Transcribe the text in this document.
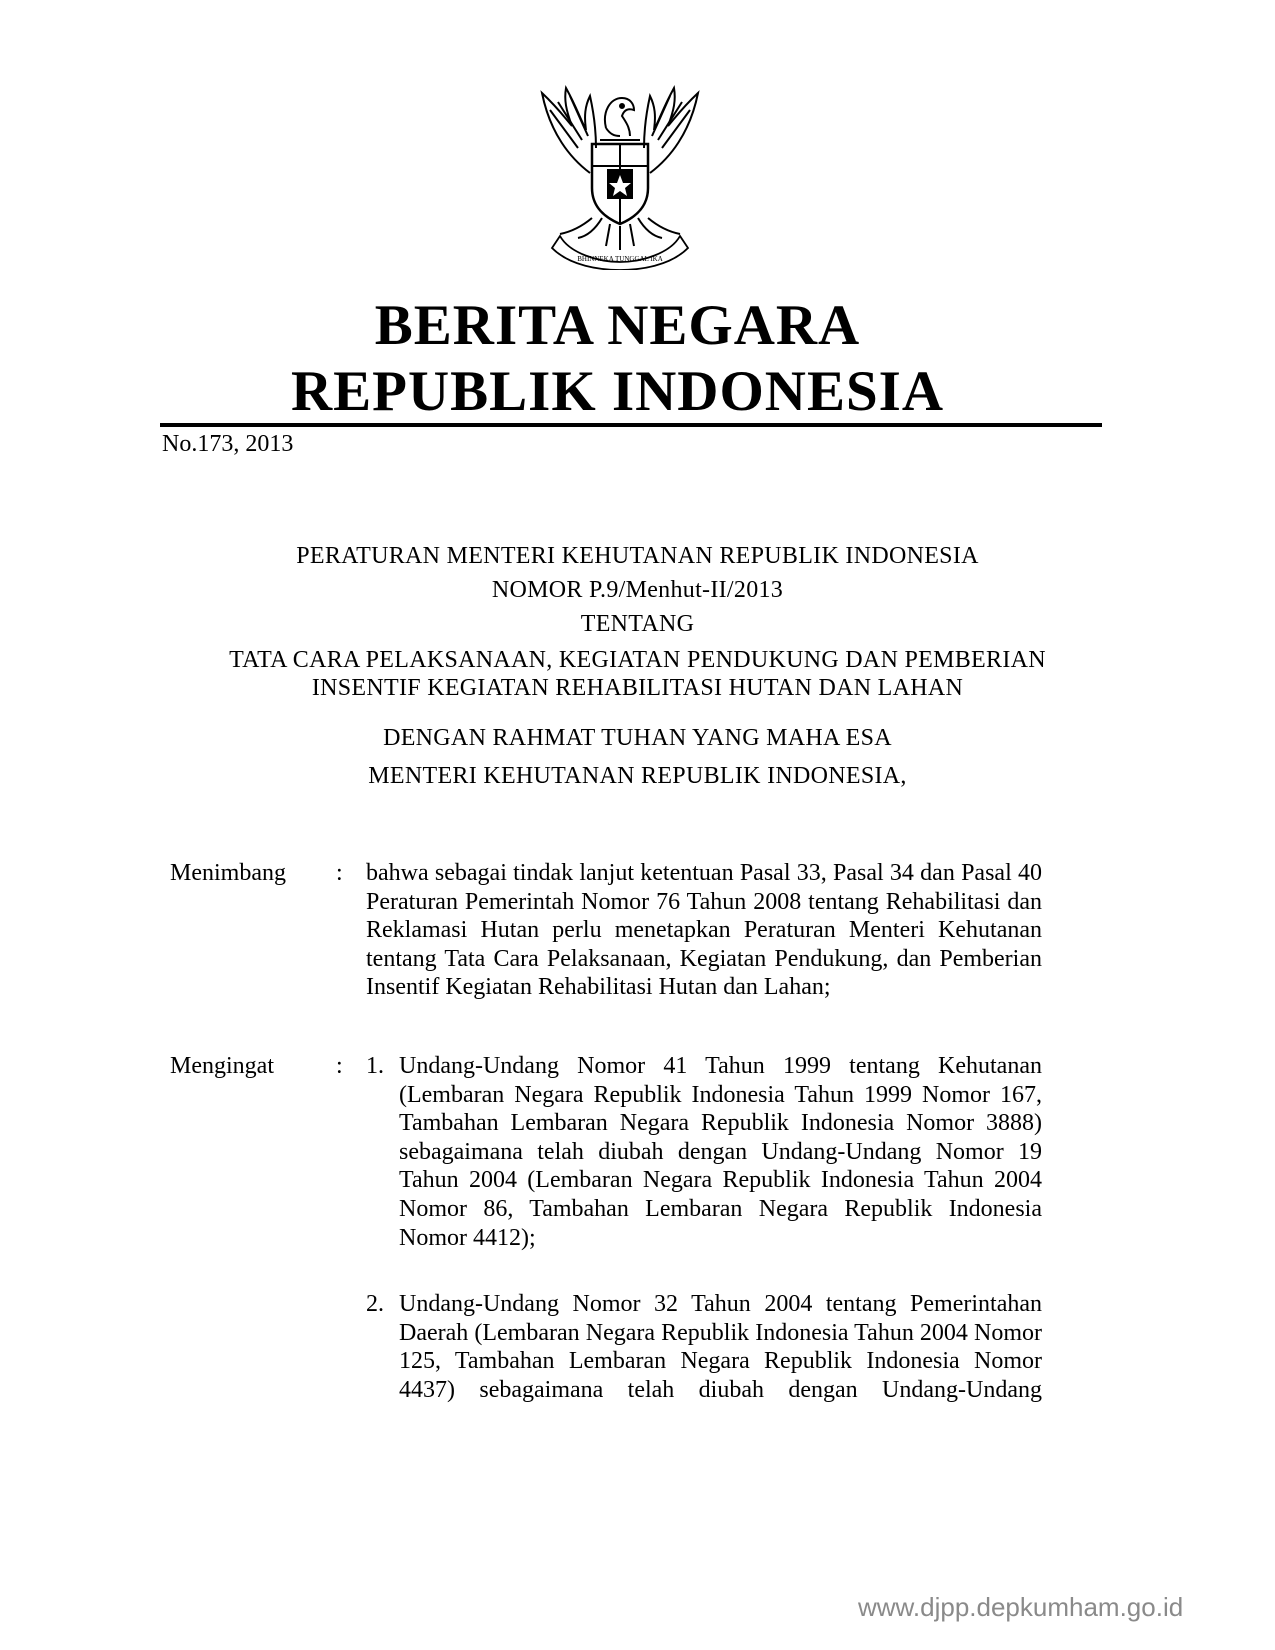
BHINNEKA TUNGGAL IKA
BERITA NEGARA
REPUBLIK INDONESIA
No.173, 2013
PERATURAN MENTERI KEHUTANAN REPUBLIK INDONESIA
NOMOR P.9/Menhut-II/2013
TENTANG
TATA CARA PELAKSANAAN, KEGIATAN PENDUKUNG DAN PEMBERIAN
INSENTIF KEGIATAN REHABILITASI HUTAN DAN LAHAN
DENGAN RAHMAT TUHAN YANG MAHA ESA
MENTERI KEHUTANAN REPUBLIK INDONESIA,
Menimbang : bahwa sebagai tindak lanjut ketentuan Pasal 33, Pasal 34 dan Pasal 40 Peraturan Pemerintah Nomor 76 Tahun 2008 tentang Rehabilitasi dan Reklamasi Hutan perlu menetapkan Peraturan Menteri Kehutanan tentang Tata Cara Pelaksanaan, Kegiatan Pendukung, dan Pemberian Insentif Kegiatan Rehabilitasi Hutan dan Lahan;
Mengingat	: 1. Undang-Undang Nomor 41 Tahun 1999 tentang Kehutanan (Lembaran Negara Republik Indonesia Tahun 1999 Nomor 167, Tambahan Lembaran Negara Republik Indonesia Nomor 3888) sebagaimana telah diubah dengan Undang-Undang Nomor 19 Tahun 2004 (Lembaran Negara Republik Indonesia Tahun 2004 Nomor 86, Tambahan Lembaran Negara Republik Indonesia Nomor 4412);
2. Undang-Undang Nomor 32 Tahun 2004 tentang Pemerintahan Daerah (Lembaran Negara Republik Indonesia Tahun 2004 Nomor 125, Tambahan Lembaran Negara Republik Indonesia Nomor 4437) sebagaimana telah diubah dengan Undang-Undang
www.djpp.depkumham.go.id
